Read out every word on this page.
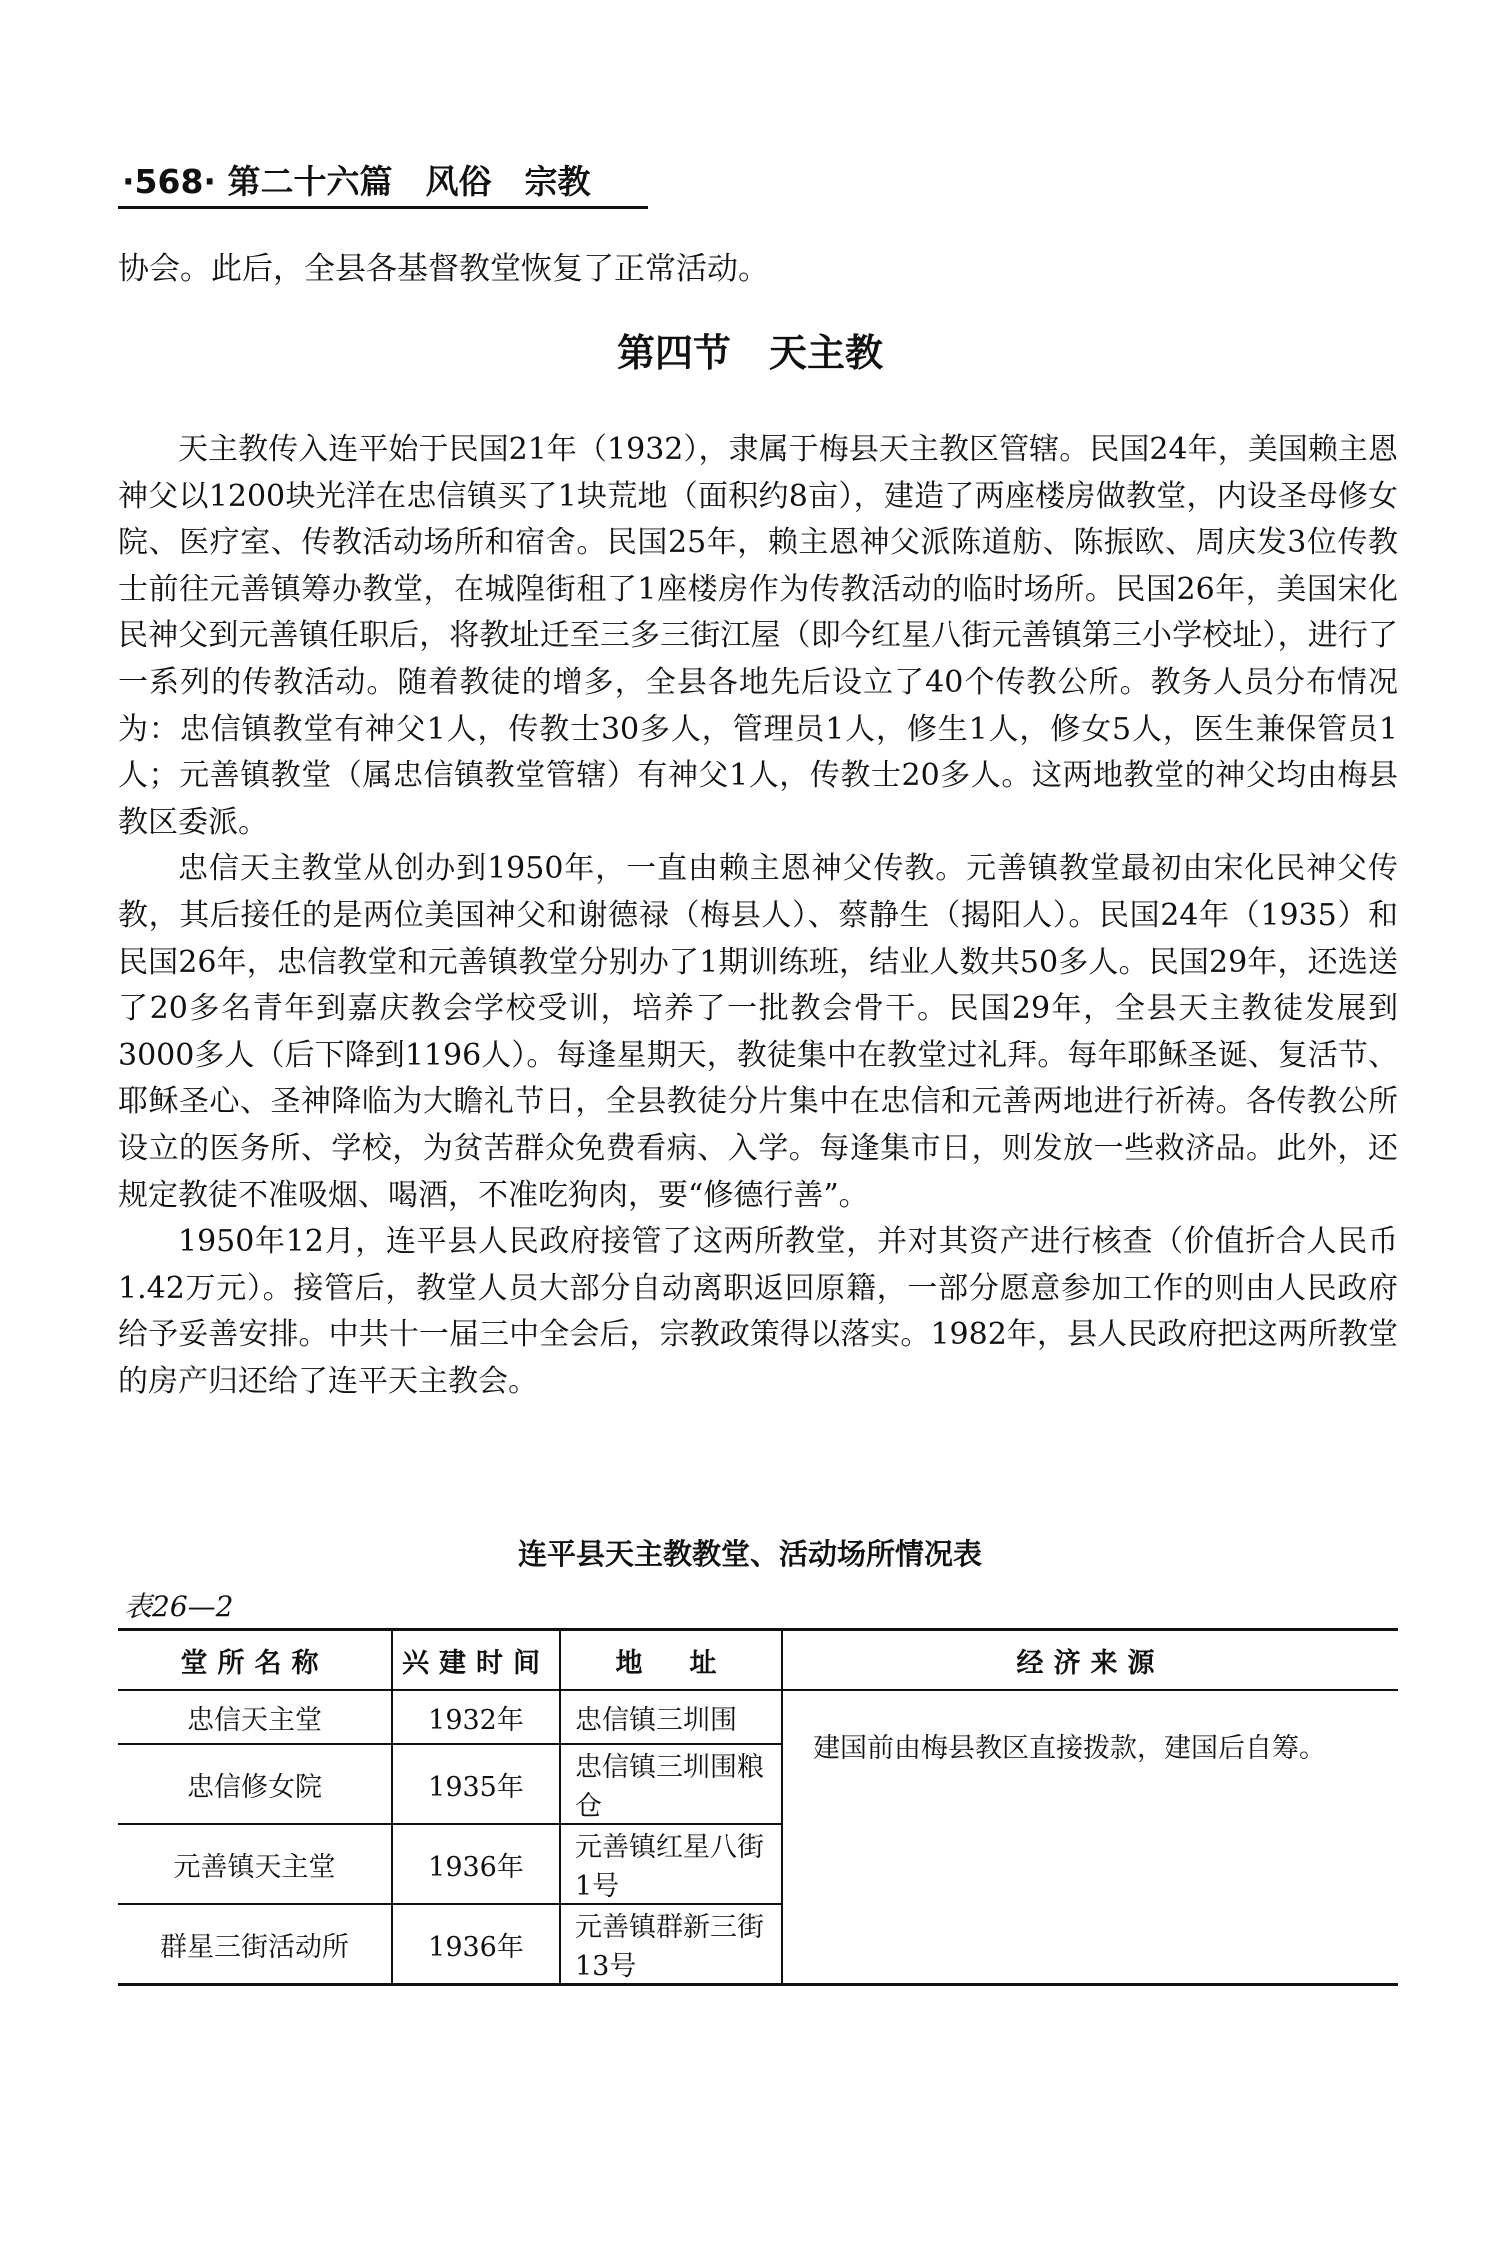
·568· 第二十六篇　风俗　宗教
协会。此后，全县各基督教堂恢复了正常活动。
第四节　天主教

天主教传入连平始于民国21年（1932），隶属于梅县天主教区管辖。民国24年，美国赖主恩神父以1200块光洋在忠信镇买了1块荒地（面积约8亩），建造了两座楼房做教堂，内设圣母修女院、医疗室、传教活动场所和宿舍。民国25年，赖主恩神父派陈道舫、陈振欧、周庆发3位传教士前往元善镇筹办教堂，在城隍街租了1座楼房作为传教活动的临时场所。民国26年，美国宋化民神父到元善镇任职后，将教址迁至三多三街江屋（即今红星八街元善镇第三小学校址），进行了一系列的传教活动。随着教徒的增多，全县各地先后设立了40个传教公所。教务人员分布情况为：忠信镇教堂有神父1人，传教士30多人，管理员1人，修生1人，修女5人，医生兼保管员1人；元善镇教堂（属忠信镇教堂管辖）有神父1人，传教士20多人。这两地教堂的神父均由梅县教区委派。

忠信天主教堂从创办到1950年，一直由赖主恩神父传教。元善镇教堂最初由宋化民神父传教，其后接任的是两位美国神父和谢德禄（梅县人）、蔡静生（揭阳人）。民国24年（1935）和民国26年，忠信教堂和元善镇教堂分别办了1期训练班，结业人数共50多人。民国29年，还选送了20多名青年到嘉庆教会学校受训，培养了一批教会骨干。民国29年，全县天主教徒发展到3000多人（后下降到1196人）。每逢星期天，教徒集中在教堂过礼拜。每年耶稣圣诞、复活节、耶稣圣心、圣神降临为大瞻礼节日，全县教徒分片集中在忠信和元善两地进行祈祷。各传教公所设立的医务所、学校，为贫苦群众免费看病、入学。每逢集市日，则发放一些救济品。此外，还规定教徒不准吸烟、喝酒，不准吃狗肉，要“修德行善”。

1950年12月，连平县人民政府接管了这两所教堂，并对其资产进行核查（价值折合人民币1.42万元）。接管后，教堂人员大部分自动离职返回原籍，一部分愿意参加工作的则由人民政府给予妥善安排。中共十一届三中全会后，宗教政策得以落实。1982年，县人民政府把这两所教堂的房产归还给了连平天主教会。

连平县天主教教堂、活动场所情况表
表26—2
堂所名称	兴建时间	地　址	经济来源
忠信天主堂	1932年	忠信镇三圳围	建国前由梅县教区直接拨款，建国后自筹。
忠信修女院	1935年	忠信镇三圳围粮仓	
元善镇天主堂	1936年	元善镇红星八街1号	
群星三街活动所	1936年	元善镇群新三街13号	
